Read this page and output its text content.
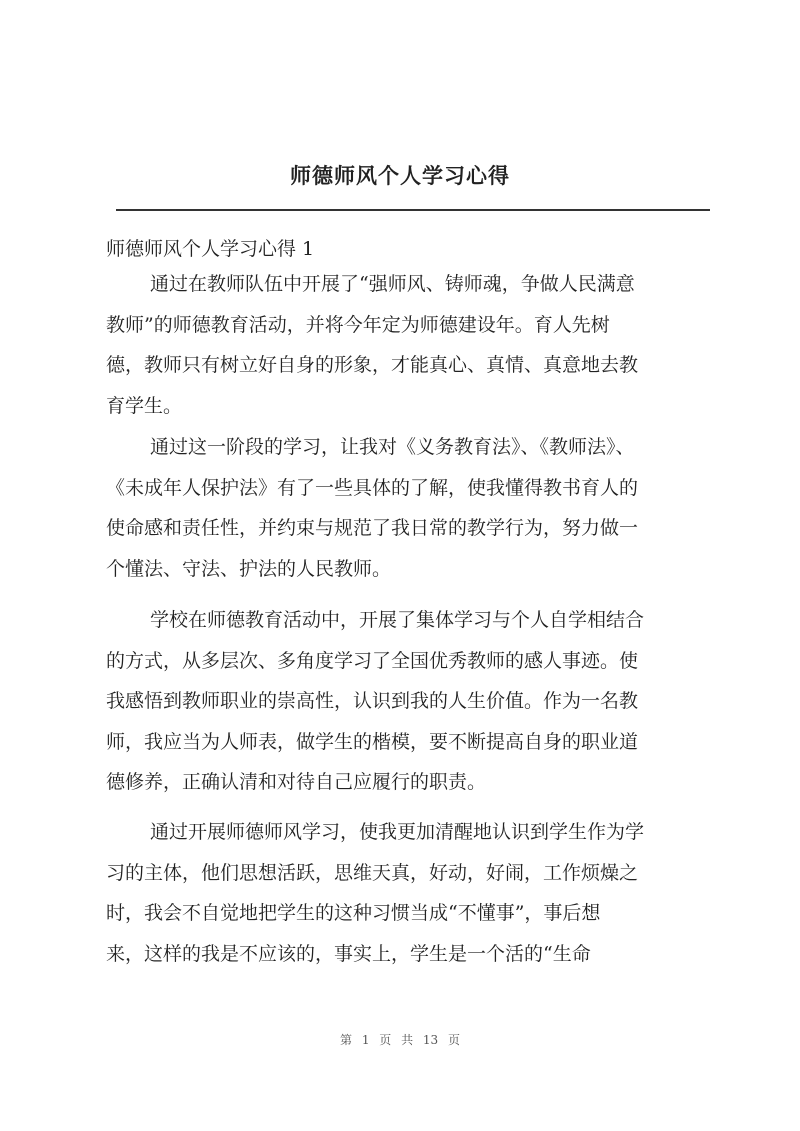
师德师风个人学习心得

师德师风个人学习心得 1

通过在教师队伍中开展了“强师风、铸师魂，争做人民满意
教师”的师德教育活动，并将今年定为师德建设年。育人先树
德，教师只有树立好自身的形象，才能真心、真情、真意地去教
育学生。
通过这一阶段的学习，让我对《义务教育法》、《教师法》、
《未成年人保护法》有了一些具体的了解，使我懂得教书育人的
使命感和责任性，并约束与规范了我日常的教学行为，努力做一
个懂法、守法、护法的人民教师。
学校在师德教育活动中，开展了集体学习与个人自学相结合
的方式，从多层次、多角度学习了全国优秀教师的感人事迹。使
我感悟到教师职业的崇高性，认识到我的人生价值。作为一名教
师，我应当为人师表，做学生的楷模，要不断提高自身的职业道
德修养，正确认清和对待自己应履行的职责。
通过开展师德师风学习，使我更加清醒地认识到学生作为学
习的主体，他们思想活跃，思维天真，好动，好闹，工作烦燥之
时，我会不自觉地把学生的这种习惯当成“不懂事”，事后想
来，这样的我是不应该的，事实上，学生是一个活的“生命

第 1 页 共 13 页
